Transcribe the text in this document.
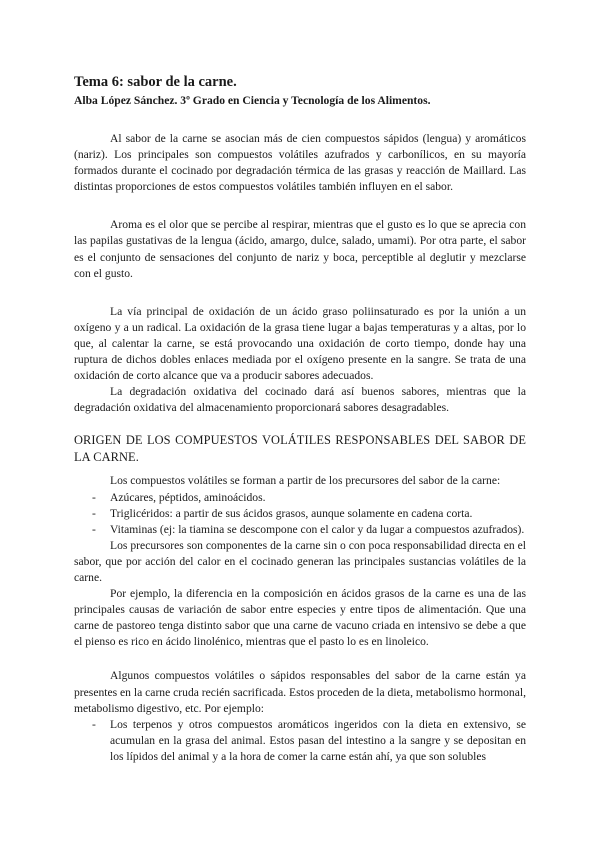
Tema 6: sabor de la carne.
Alba López Sánchez. 3º Grado en Ciencia y Tecnología de los Alimentos.

Al sabor de la carne se asocian más de cien compuestos sápidos (lengua) y aromáticos (nariz). Los principales son compuestos volátiles azufrados y carbonílicos, en su mayoría formados durante el cocinado por degradación térmica de las grasas y reacción de Maillard. Las distintas proporciones de estos compuestos volátiles también influyen en el sabor.

Aroma es el olor que se percibe al respirar, mientras que el gusto es lo que se aprecia con las papilas gustativas de la lengua (ácido, amargo, dulce, salado, umami). Por otra parte, el sabor es el conjunto de sensaciones del conjunto de nariz y boca, perceptible al deglutir y mezclarse con el gusto.

La vía principal de oxidación de un ácido graso poliinsaturado es por la unión a un oxígeno y a un radical. La oxidación de la grasa tiene lugar a bajas temperaturas y a altas, por lo que, al calentar la carne, se está provocando una oxidación de corto tiempo, donde hay una ruptura de dichos dobles enlaces mediada por el oxígeno presente en la sangre. Se trata de una oxidación de corto alcance que va a producir sabores adecuados.

La degradación oxidativa del cocinado dará así buenos sabores, mientras que la degradación oxidativa del almacenamiento proporcionará sabores desagradables.

ORIGEN DE LOS COMPUESTOS VOLÁTILES RESPONSABLES DEL SABOR DE LA CARNE.

Los compuestos volátiles se forman a partir de los precursores del sabor de la carne:

- Azúcares, péptidos, aminoácidos.
- Triglicéridos: a partir de sus ácidos grasos, aunque solamente en cadena corta.
- Vitaminas (ej: la tiamina se descompone con el calor y da lugar a compuestos azufrados).

Los precursores son componentes de la carne sin o con poca responsabilidad directa en el sabor, que por acción del calor en el cocinado generan las principales sustancias volátiles de la carne.

Por ejemplo, la diferencia en la composición en ácidos grasos de la carne es una de las principales causas de variación de sabor entre especies y entre tipos de alimentación. Que una carne de pastoreo tenga distinto sabor que una carne de vacuno criada en intensivo se debe a que el pienso es rico en ácido linolénico, mientras que el pasto lo es en linoleico.

Algunos compuestos volátiles o sápidos responsables del sabor de la carne están ya presentes en la carne cruda recién sacrificada. Estos proceden de la dieta, metabolismo hormonal, metabolismo digestivo, etc. Por ejemplo:

- Los terpenos y otros compuestos aromáticos ingeridos con la dieta en extensivo, se acumulan en la grasa del animal. Estos pasan del intestino a la sangre y se depositan en los lípidos del animal y a la hora de comer la carne están ahí, ya que son solubles
